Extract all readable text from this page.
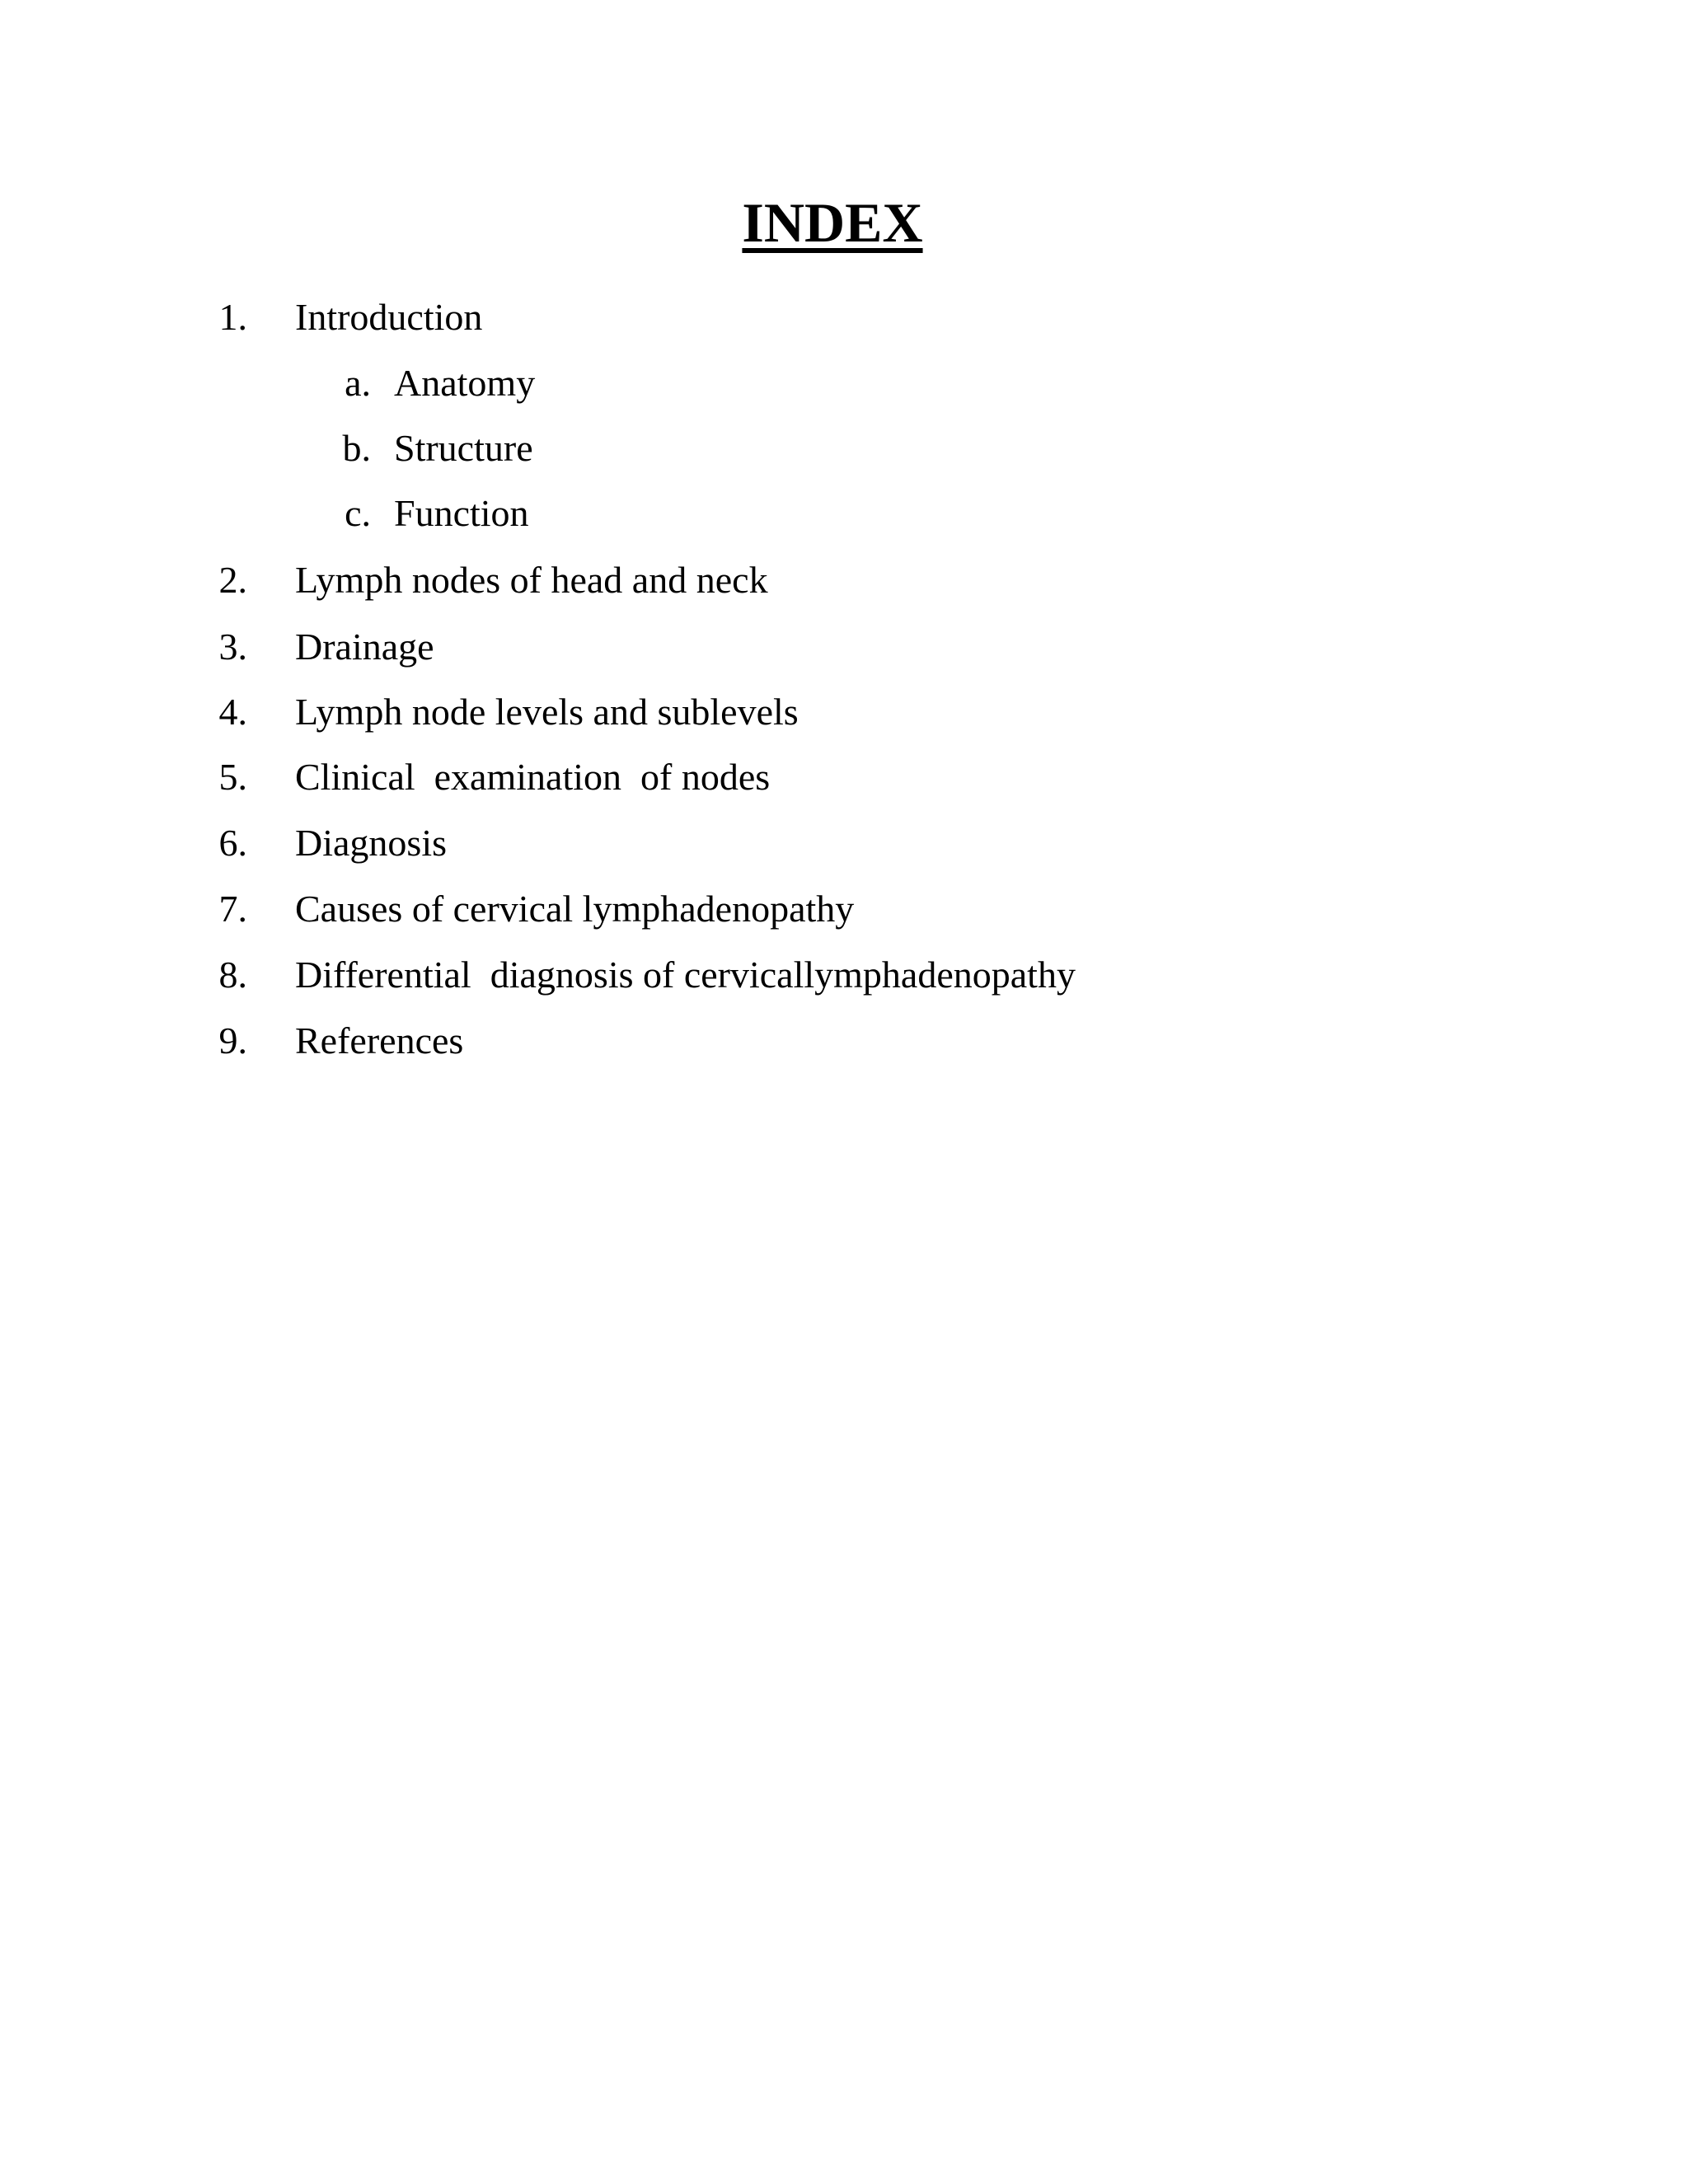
INDEX
1. Introduction
a. Anatomy
b. Structure
c. Function
2. Lymph nodes of head and neck
3. Drainage
4. Lymph node levels and sublevels
5. Clinical  examination  of nodes
6. Diagnosis
7. Causes of cervical lymphadenopathy
8. Differential  diagnosis of cervicallymphadenopathy
9. References
